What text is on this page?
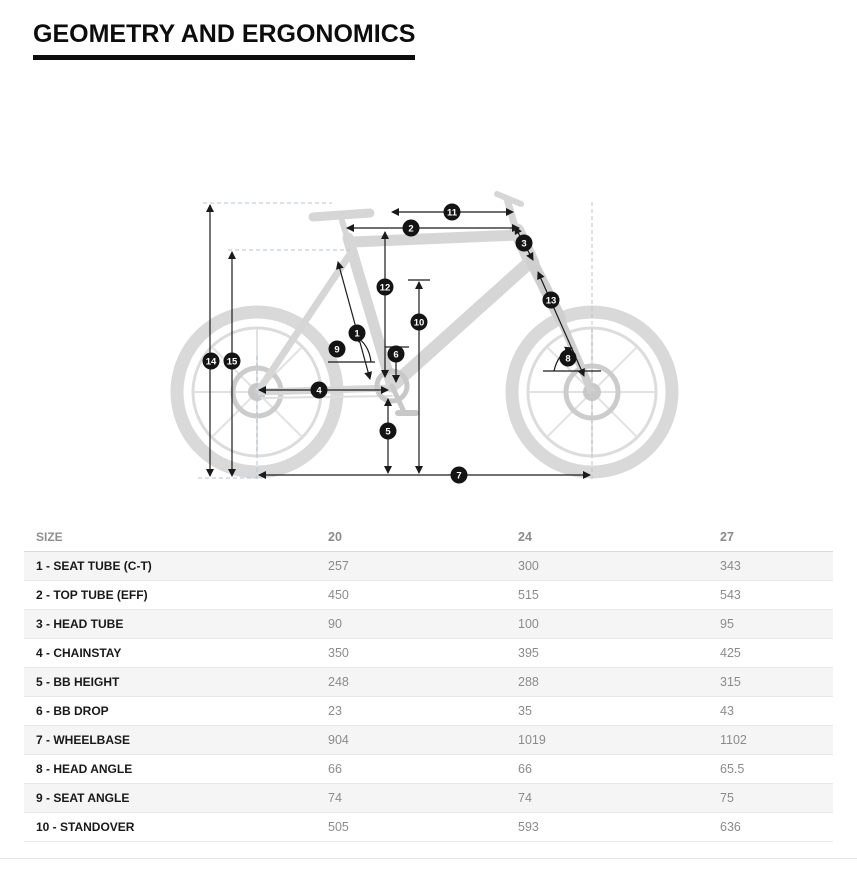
GEOMETRY AND ERGONOMICS
1
2
3
4
5
6
7
8
9
10
11
12
13
14 15
SIZE	20	24	27
1 - SEAT TUBE (C-T)	257	300	343
2 - TOP TUBE (EFF)	450	515	543
3 - HEAD TUBE	90	100	95
4 - CHAINSTAY	350	395	425
5 - BB HEIGHT	248	288	315
6 - BB DROP	23	35	43
7 - WHEELBASE	904	1019	1102
8 - HEAD ANGLE	66	66	65.5
9 - SEAT ANGLE	74	74	75
10 - STANDOVER	505	593	636
